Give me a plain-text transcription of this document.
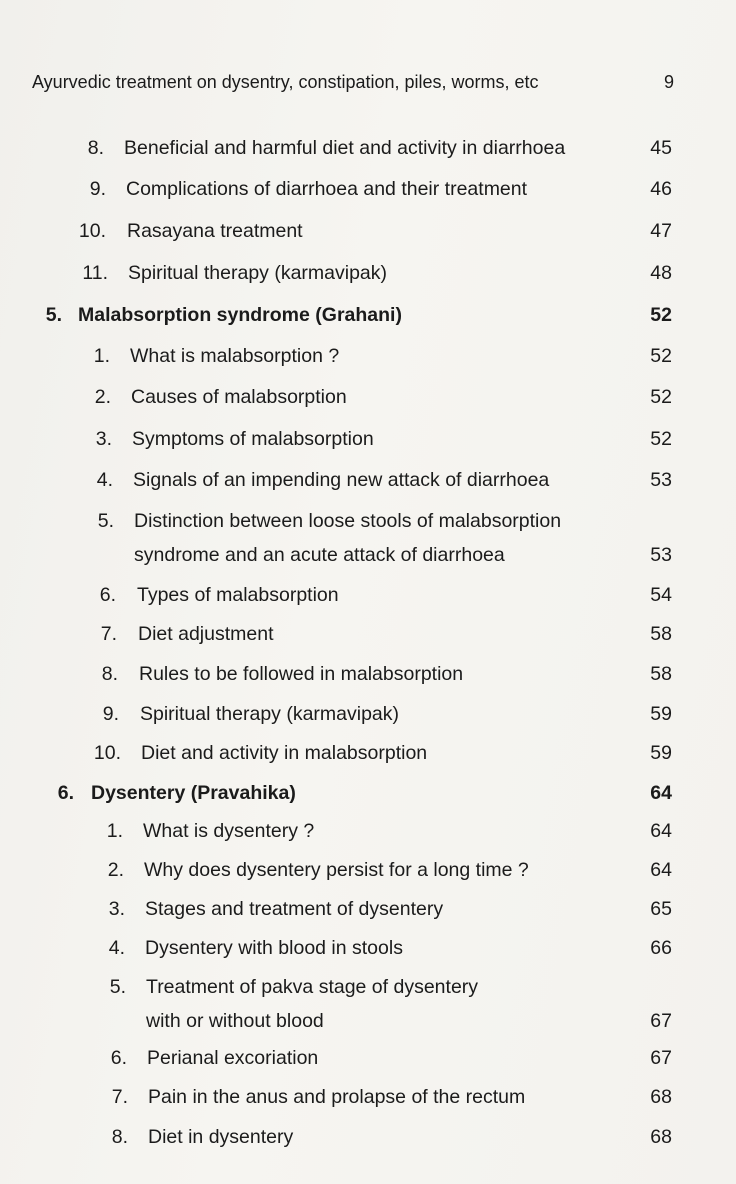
Ayurvedic treatment on dysentry, constipation, piles, worms, etc	9
8. Beneficial and harmful diet and activity in diarrhoea	45
9. Complications of diarrhoea and their treatment	46
10. Rasayana treatment	47
11. Spiritual therapy (karmavipak)	48
5. Malabsorption syndrome (Grahani)	52
1. What is malabsorption ?	52
2. Causes of malabsorption	52
3. Symptoms of malabsorption	52
4. Signals of an impending new attack of diarrhoea	53
5. Distinction between loose stools of malabsorption
syndrome and an acute attack of diarrhoea	53
6. Types of malabsorption	54
7. Diet adjustment	58
8. Rules to be followed in malabsorption	58
9. Spiritual therapy (karmavipak)	59
10. Diet and activity in malabsorption	59
6. Dysentery (Pravahika)	64
1. What is dysentery ?	64
2. Why does dysentery persist for a long time ?	64
3. Stages and treatment of dysentery	65
4. Dysentery with blood in stools	66
5. Treatment of pakva stage of dysentery
with or without blood	67
6. Perianal excoriation	67
7. Pain in the anus and prolapse of the rectum	68
8. Diet in dysentery	68
